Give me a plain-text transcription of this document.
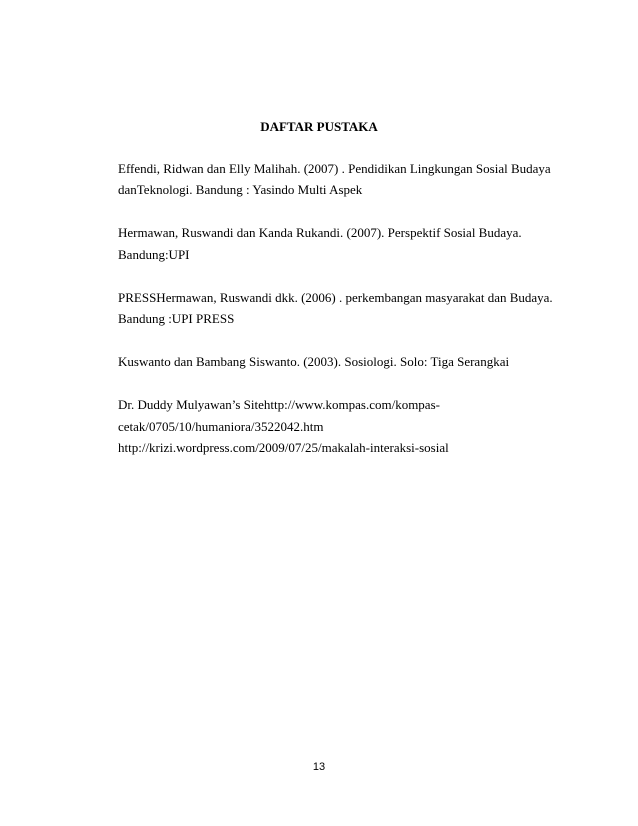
DAFTAR PUSTAKA
Effendi, Ridwan dan Elly Malihah. (2007) . Pendidikan Lingkungan Sosial Budaya
danTeknologi. Bandung : Yasindo Multi Aspek
Hermawan, Ruswandi dan Kanda Rukandi. (2007). Perspektif Sosial Budaya.
Bandung:UPI
PRESSHermawan, Ruswandi dkk. (2006) . perkembangan masyarakat dan Budaya.
Bandung :UPI PRESS
Kuswanto dan Bambang Siswanto. (2003). Sosiologi. Solo: Tiga Serangkai
Dr. Duddy Mulyawan’s Sitehttp://www.kompas.com/kompas-
cetak/0705/10/humaniora/3522042.htm
http://krizi.wordpress.com/2009/07/25/makalah-interaksi-sosial
13
